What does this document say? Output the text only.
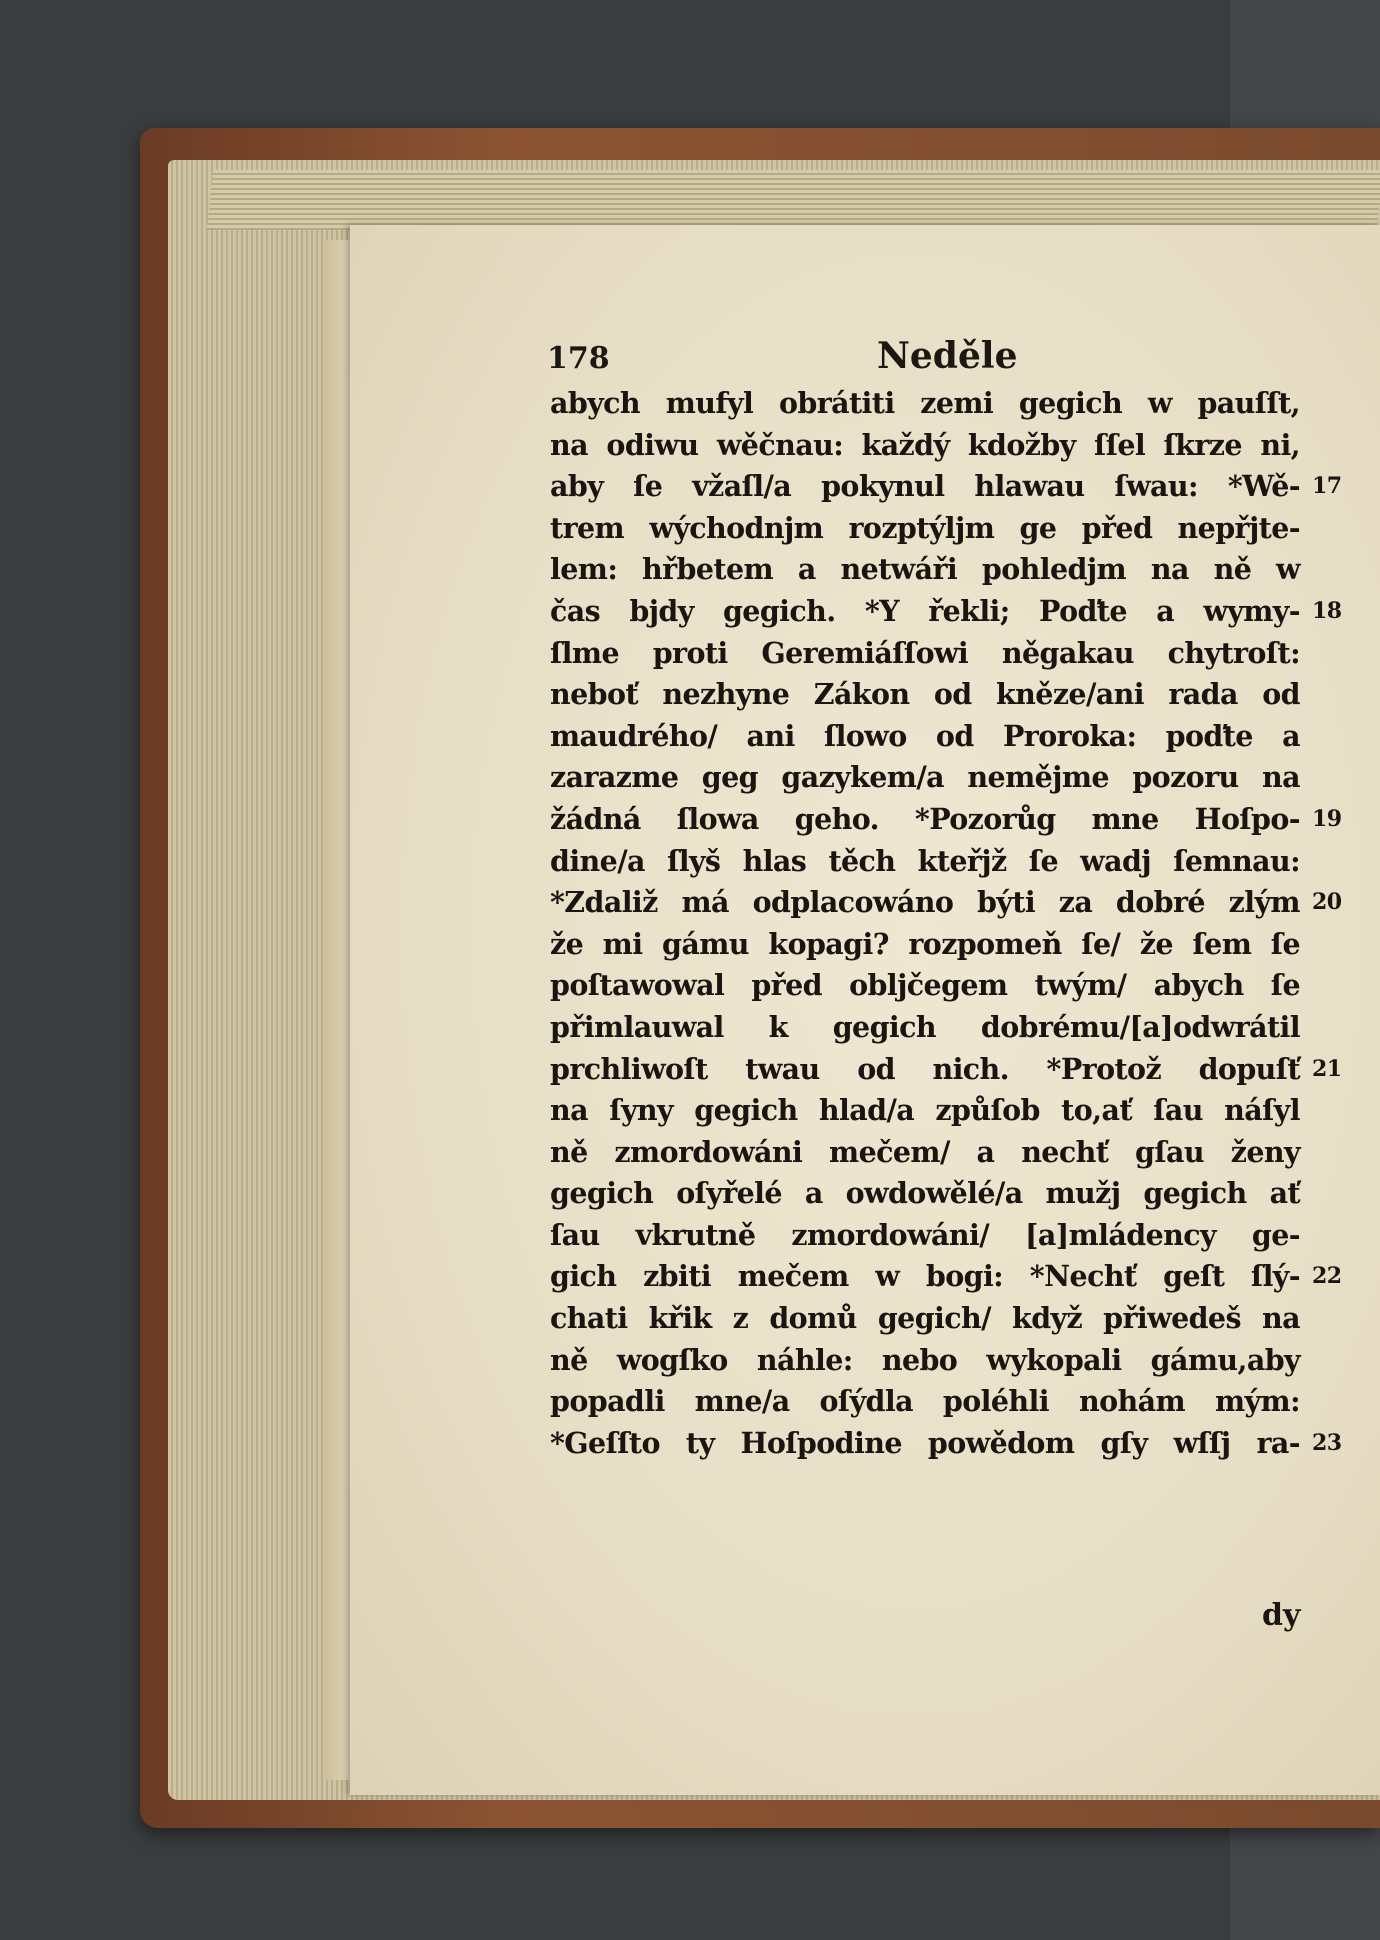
178	Neděle
abych mufyl obrátiti zemi gegich w pauſſt,
na odiwu wěčnau: každý kdožby ſſel ſkrze ni,
aby ſe vžaſl/a pokynul hlawau ſwau: *Wě- 17
trem wýchodnjm rozptýljm ge před nepřjte-
lem: hřbetem a netwáři pohledjm na ně w
čas bjdy gegich. *Y řekli; Poďte a wymy- 18
ſlme proti Geremiáſſowi něgakau chytroſt:
neboť nezhyne Zákon od kněze/ani rada od
maudrého/ ani ſlowo od Proroka: poďte a
zarazme geg gazykem/a nemějme pozoru na
žádná ſlowa geho. *Pozorůg mne Hoſpo- 19
dine/a ſlyš hlas těch kteřjž ſe wadj ſemnau:
*Zdaliž má odplacowáno býti za dobré zlým 20
že mi gámu kopagi? rozpomeň ſe/ že ſem ſe
poſtawowal před obljčegem twým/ abych ſe
přimlauwal k gegich dobrému/[a]odwrátil
prchliwoſt twau od nich. *Protož dopuſť 21
na ſyny gegich hlad/a způſob to,ať ſau náſyl
ně zmordowáni mečem/ a nechť gſau ženy
gegich oſyřelé a owdowělé/a mužj gegich ať
ſau vkrutně zmordowáni/ [a]mládency ge-
gich zbiti mečem w bogi: *Nechť geſt ſlý- 22
chati křik z domů gegich/ když přiwedeš na
ně wogſko náhle: nebo wykopali gámu,aby
popadli mne/a oſýdla poléhli nohám mým:
*Geſſto ty Hoſpodine powědom gſy wſſj ra- 23
dy
